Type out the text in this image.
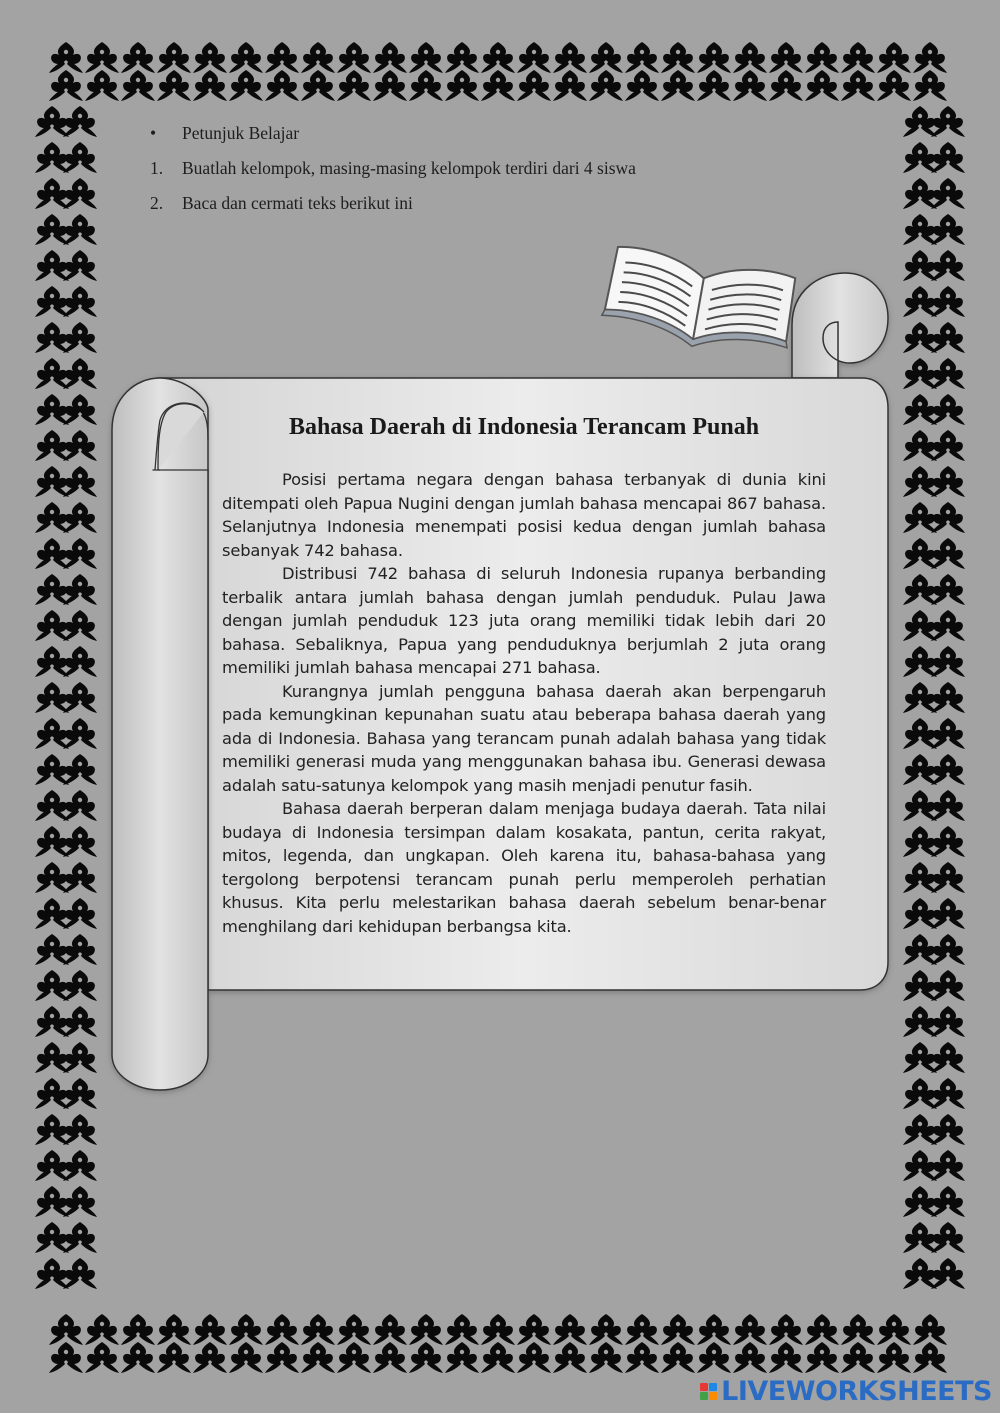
•	Petunjuk Belajar
1.	Buatlah kelompok, masing-masing kelompok terdiri dari 4 siswa
2.	Baca dan cermati teks berikut ini
Bahasa Daerah di Indonesia Terancam Punah

Posisi pertama negara dengan bahasa terbanyak di dunia kini ditempati oleh Papua Nugini dengan jumlah bahasa mencapai 867 bahasa. Selanjutnya Indonesia menempati posisi kedua dengan jumlah bahasa sebanyak 742 bahasa.

Distribusi 742 bahasa di seluruh Indonesia rupanya berbanding terbalik antara jumlah bahasa dengan jumlah penduduk. Pulau Jawa dengan jumlah penduduk 123 juta orang memiliki tidak lebih dari 20 bahasa. Sebaliknya, Papua yang penduduknya berjumlah 2 juta orang memiliki jumlah bahasa mencapai 271 bahasa.

Kurangnya jumlah pengguna bahasa daerah akan berpengaruh pada kemungkinan kepunahan suatu atau beberapa bahasa daerah yang ada di Indonesia. Bahasa yang terancam punah adalah bahasa yang tidak memiliki generasi muda yang menggunakan bahasa ibu. Generasi dewasa adalah satu-satunya kelompok yang masih menjadi penutur fasih.

Bahasa daerah berperan dalam menjaga budaya daerah. Tata nilai budaya di Indonesia tersimpan dalam kosakata, pantun, cerita rakyat, mitos, legenda, dan ungkapan. Oleh karena itu, bahasa-bahasa yang tergolong berpotensi terancam punah perlu memperoleh perhatian khusus. Kita perlu melestarikan bahasa daerah sebelum benar-benar menghilang dari kehidupan berbangsa kita.

LIVEWORKSHEETS
